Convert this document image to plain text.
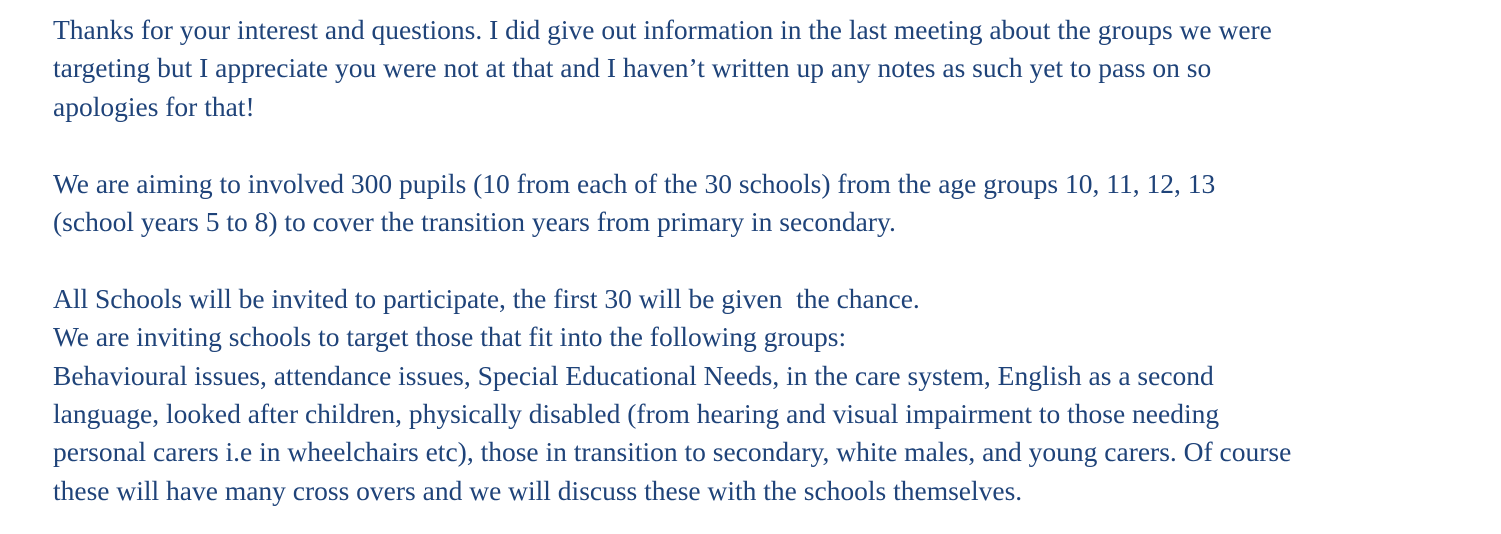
Thanks for your interest and questions. I did give out information in the last meeting about the groups we were
targeting but I appreciate you were not at that and I haven’t written up any notes as such yet to pass on so
apologies for that!
We are aiming to involved 300 pupils (10 from each of the 30 schools) from the age groups 10, 11, 12, 13
(school years 5 to 8) to cover the transition years from primary in secondary.
All Schools will be invited to participate, the first 30 will be given  the chance.
We are inviting schools to target those that fit into the following groups:
Behavioural issues, attendance issues, Special Educational Needs, in the care system, English as a second
language, looked after children, physically disabled (from hearing and visual impairment to those needing
personal carers i.e in wheelchairs etc), those in transition to secondary, white males, and young carers. Of course
these will have many cross overs and we will discuss these with the schools themselves.
